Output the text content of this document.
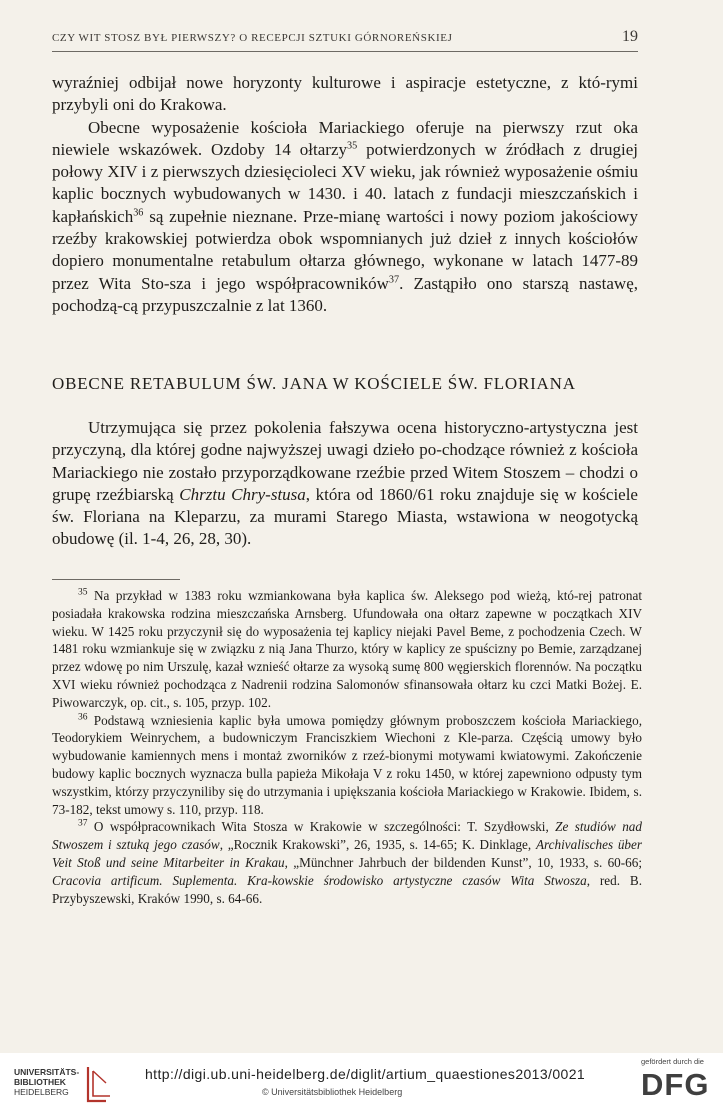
CZY WIT STOSZ BYŁ PIERWSZY? O RECEPCJI SZTUKI GÓRNOREŃSKIEJ	19

wyraźniej odbijał nowe horyzonty kulturowe i aspiracje estetyczne, z któ-rymi przybyli oni do Krakowa.

Obecne wyposażenie kościoła Mariackiego oferuje na pierwszy rzut oka niewiele wskazówek. Ozdoby 14 ołtarzy$^{35}$ potwierdzonych w źródłach z drugiej połowy XIV i z pierwszych dziesięcioleci XV wieku, jak również wyposażenie ośmiu kaplic bocznych wybudowanych w 1430. i 40. latach z fundacji mieszczańskich i kapłańskich$^{36}$ są zupełnie nieznane. Prze-mianę wartości i nowy poziom jakościowy rzeźby krakowskiej potwierdza obok wspomnianych już dzieł z innych kościołów dopiero monumentalne retabulum ołtarza głównego, wykonane w latach 1477-89 przez Wita Sto-sza i jego współpracowników$^{37}$. Zastąpiło ono starszą nastawę, pochodzą-cą przypuszczalnie z lat 1360.

OBECNE RETABULUM ŚW. JANA W KOŚCIELE ŚW. FLORIANA

Utrzymująca się przez pokolenia fałszywa ocena historyczno-artystyczna jest przyczyną, dla której godne najwyższej uwagi dzieło po-chodzące również z kościoła Mariackiego nie zostało przyporządkowane rzeźbie przed Witem Stoszem – chodzi o grupę rzeźbiarską Chrztu Chry-stusa, która od 1860/61 roku znajduje się w kościele św. Floriana na Kleparzu, za murami Starego Miasta, wstawiona w neogotycką obudowę (il. 1-4, 26, 28, 30).

$^{35}$ Na przykład w 1383 roku wzmiankowana była kaplica św. Aleksego pod wieżą, któ-rej patronat posiadała krakowska rodzina mieszczańska Arnsberg. Ufundowała ona ołtarz zapewne w początkach XIV wieku. W 1425 roku przyczynił się do wyposażenia tej kaplicy niejaki Pavel Beme, z pochodzenia Czech. W 1481 roku wzmiankuje się w związku z nią Jana Thurzo, który w kaplicy ze spuścizny po Bemie, zarządzanej przez wdowę po nim Urszulę, kazał wznieść ołtarze za wysoką sumę 800 węgierskich florennów. Na początku XVI wieku również pochodząca z Nadrenii rodzina Salomonów sfinansowała ołtarz ku czci Matki Bożej. E. Piwowarczyk, op. cit., s. 105, przyp. 102.

$^{36}$ Podstawą wzniesienia kaplic była umowa pomiędzy głównym proboszczem kościoła Mariackiego, Teodorykiem Weinrychem, a budowniczym Franciszkiem Wiechoni z Kle-parza. Częścią umowy było wybudowanie kamiennych mens i montaż zworników z rzeź-bionymi motywami kwiatowymi. Zakończenie budowy kaplic bocznych wyznacza bulla papieża Mikołaja V z roku 1450, w której zapewniono odpusty tym wszystkim, którzy przyczyniliby się do utrzymania i upiększania kościoła Mariackiego w Krakowie. Ibidem, s. 73-182, tekst umowy s. 110, przyp. 118.

$^{37}$ O współpracownikach Wita Stosza w Krakowie w szczególności: T. Szydłowski, Ze studiów nad Stwoszem i sztuką jego czasów, „Rocznik Krakowski”, 26, 1935, s. 14-65; K. Dinklage, Archivalisches über Veit Stoß und seine Mitarbeiter in Krakau, „Münchner Jahrbuch der bildenden Kunst”, 10, 1933, s. 60-66; Cracovia artificum. Suplementa. Kra-kowskie środowisko artystyczne czasów Wita Stwosza, red. B. Przybyszewski, Kraków 1990, s. 64-66.

UNIVERSITÄTS-
BIBLIOTHEK
HEIDELBERG
http://digi.ub.uni-heidelberg.de/diglit/artium_quaestiones2013/0021
© Universitätsbibliothek Heidelberg
gefördert durch die
DFG
